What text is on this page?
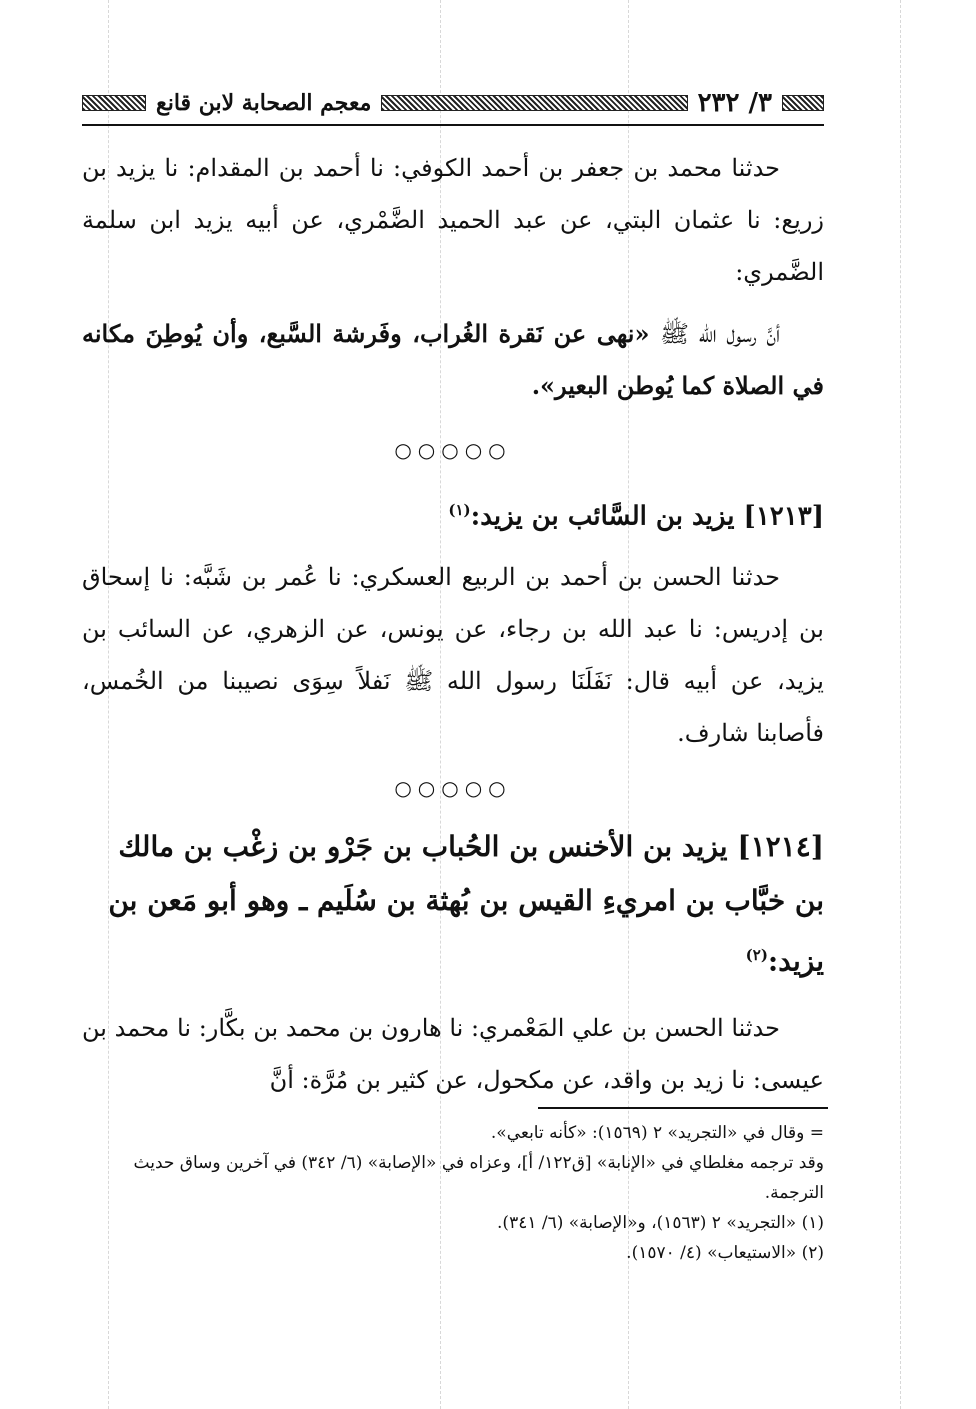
٣/ ٢٣٢
معجم الصحابة لابن قانع

حدثنا محمد بن جعفر بن أحمد الكوفي: نا أحمد بن المقدام: نا يزيد بن زريع: نا عثمان البتي، عن عبد الحميد الضَّمْري، عن أبيه يزيد ابن سلمة الضَّمري:

أنَّ رسول الله ﷺ «نهى عن نَقرة الغُراب، وفَرشة السَّبع، وأن يُوطِنَ مكانه في الصلاة كما يُوطن البعير».

○○○○○

[١٢١٣] يزيد بن السَّائب بن يزيد:$^{(١)}$

حدثنا الحسن بن أحمد بن الربيع العسكري: نا عُمر بن شَبَّه: نا إسحاق بن إدريس: نا عبد الله بن رجاء، عن يونس، عن الزهري، عن السائب بن يزيد، عن أبيه قال: نَفَلَنَا رسول الله ﷺ نَفلاً سِوَى نصيبنا من الخُمس، فأصابنا شارف.

○○○○○

[١٢١٤] يزيد بن الأخنس بن الحُباب بن جَرْو بن زغْب بن مالك بن خبَّاب بن امريءِ القيس بن بُهثة بن سُلَيم ـ وهو أبو مَعن بن يزيد:$^{(٢)}$

حدثنا الحسن بن علي المَعْمري: نا هارون بن محمد بن بكَّار: نا محمد بن عيسى: نا زيد بن واقد، عن مكحول، عن كثير بن مُرَّة: أنَّ

= وقال في «التجريد» ٢ (١٥٦٩): «كأنه تابعي».

وقد ترجمه مغلطاي في «الإنابة» [ق١٢٢/ أ]، وعزاه في «الإصابة» (٦/ ٣٤٢) في آخرين وساق حديث الترجمة.

(١) «التجريد» ٢ (١٥٦٣)، و«الإصابة» (٦/ ٣٤١).

(٢) «الاستيعاب» (٤/ ١٥٧٠).
